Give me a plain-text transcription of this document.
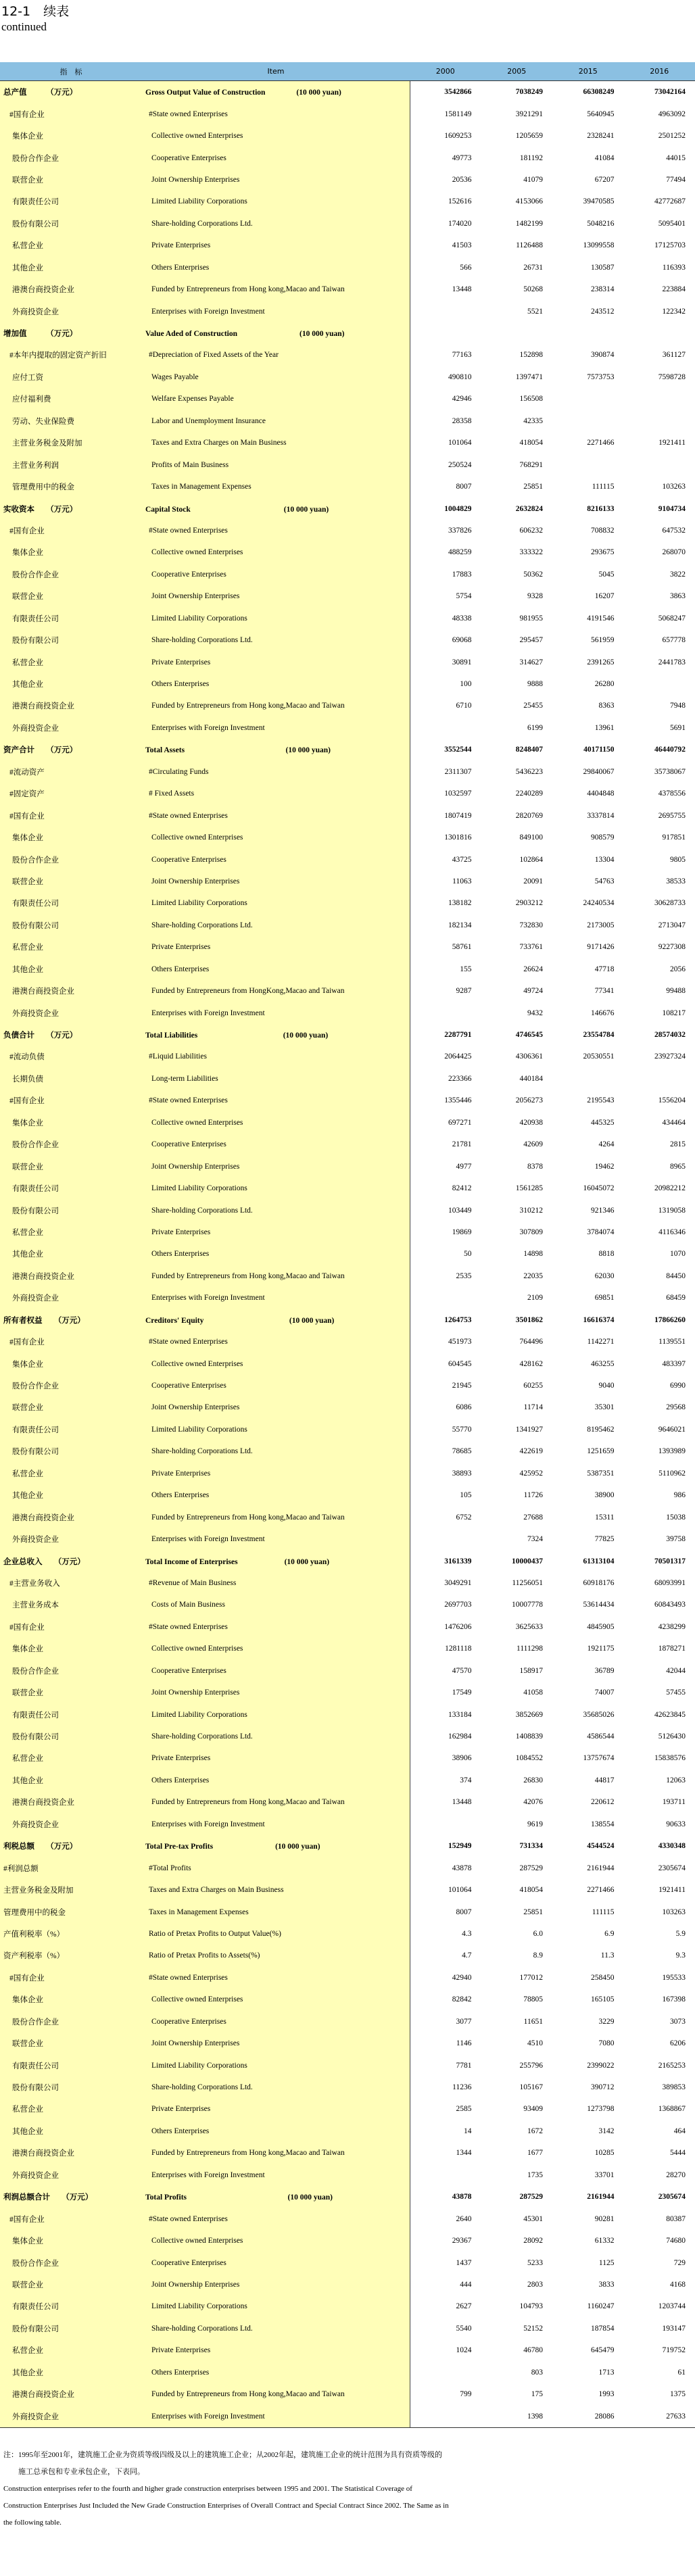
12-1　续表
continued
指　标	Item	2000	2005	2015	2016
总产值　　　（万元）	Gross Output Value of Construction　　　　(10 000 yuan)	3542866	7038249	66308249	73042164
#国有企业	#State owned Enterprises	1581149	3921291	5640945	4963092
集体企业	Collective owned Enterprises	1609253	1205659	2328241	2501252
股份合作企业	Cooperative Enterprises	49773	181192	41084	44015
联营企业	Joint Ownership Enterprises	20536	41079	67207	77494
有限责任公司	Limited Liability Corporations	152616	4153066	39470585	42772687
股份有限公司	Share-holding Corporations Ltd.	174020	1482199	5048216	5095401
私营企业	Private Enterprises	41503	1126488	13099558	17125703
其他企业	Others Enterprises	566	26731	130587	116393
港澳台商投资企业	Funded by Entrepreneurs from Hong kong,Macao and Taiwan	13448	50268	238314	223884
外商投资企业	Enterprises with Foreign Investment		5521	243512	122342
增加值　　　（万元）	Value Aded of Construction　　　　　　　　(10 000 yuan)				
#本年内提取的固定资产折旧	#Depreciation of Fixed Assets of the Year	77163	152898	390874	361127
应付工资	Wages Payable	490810	1397471	7573753	7598728
应付福利费	Welfare Expenses Payable	42946	156508		
劳动、失业保险费	Labor and Unemployment Insurance	28358	42335		
主营业务税金及附加	Taxes and Extra Charges on Main Business	101064	418054	2271466	1921411
主营业务利润	Profits of Main Business	250524	768291		
管理费用中的税金	Taxes in Management Expenses	8007	25851	111115	103263
实收资本　　（万元）	Capital Stock　　　　　　　　　　　　(10 000 yuan)	1004829	2632824	8216133	9104734
#国有企业	#State owned Enterprises	337826	606232	708832	647532
集体企业	Collective owned Enterprises	488259	333322	293675	268070
股份合作企业	Cooperative Enterprises	17883	50362	5045	3822
联营企业	Joint Ownership Enterprises	5754	9328	16207	3863
有限责任公司	Limited Liability Corporations	48338	981955	4191546	5068247
股份有限公司	Share-holding Corporations Ltd.	69068	295457	561959	657778
私营企业	Private Enterprises	30891	314627	2391265	2441783
其他企业	Others Enterprises	100	9888	26280	
港澳台商投资企业	Funded by Entrepreneurs from Hong kong,Macao and Taiwan	6710	25455	8363	7948
外商投资企业	Enterprises with Foreign Investment		6199	13961	5691
资产合计　　（万元）	Total Assets　　　　　　　　　　　　　(10 000 yuan)	3552544	8248407	40171150	46440792
#流动资产	#Circulating Funds	2311307	5436223	29840067	35738067
#固定资产	# Fixed Assets	1032597	2240289	4404848	4378556
#国有企业	#State owned Enterprises	1807419	2820769	3337814	2695755
集体企业	Collective owned Enterprises	1301816	849100	908579	917851
股份合作企业	Cooperative Enterprises	43725	102864	13304	9805
联营企业	Joint Ownership Enterprises	11063	20091	54763	38533
有限责任公司	Limited Liability Corporations	138182	2903212	24240534	30628733
股份有限公司	Share-holding Corporations Ltd.	182134	732830	2173005	2713047
私营企业	Private Enterprises	58761	733761	9171426	9227308
其他企业	Others Enterprises	155	26624	47718	2056
港澳台商投资企业	Funded by Entrepreneurs from HongKong,Macao and Taiwan	9287	49724	77341	99488
外商投资企业	Enterprises with Foreign Investment		9432	146676	108217
负债合计　　（万元）	Total Liabilities　　　　　　　　　　　(10 000 yuan)	2287791	4746545	23554784	28574032
#流动负债	#Liquid Liabilities	2064425	4306361	20530551	23927324
长期负债	Long-term Liabilities	223366	440184		
#国有企业	#State owned Enterprises	1355446	2056273	2195543	1556204
集体企业	Collective owned Enterprises	697271	420938	445325	434464
股份合作企业	Cooperative Enterprises	21781	42609	4264	2815
联营企业	Joint Ownership Enterprises	4977	8378	19462	8965
有限责任公司	Limited Liability Corporations	82412	1561285	16045072	20982212
股份有限公司	Share-holding Corporations Ltd.	103449	310212	921346	1319058
私营企业	Private Enterprises	19869	307809	3784074	4116346
其他企业	Others Enterprises	50	14898	8818	1070
港澳台商投资企业	Funded by Entrepreneurs from Hong kong,Macao and Taiwan	2535	22035	62030	84450
外商投资企业	Enterprises with Foreign Investment		2109	69851	68459
所有者权益　　（万元）	Creditors' Equity　　　　　　　　　　　(10 000 yuan)	1264753	3501862	16616374	17866260
#国有企业	#State owned Enterprises	451973	764496	1142271	1139551
集体企业	Collective owned Enterprises	604545	428162	463255	483397
股份合作企业	Cooperative Enterprises	21945	60255	9040	6990
联营企业	Joint Ownership Enterprises	6086	11714	35301	29568
有限责任公司	Limited Liability Corporations	55770	1341927	8195462	9646021
股份有限公司	Share-holding Corporations Ltd.	78685	422619	1251659	1393989
私营企业	Private Enterprises	38893	425952	5387351	5110962
其他企业	Others Enterprises	105	11726	38900	986
港澳台商投资企业	Funded by Entrepreneurs from Hong kong,Macao and Taiwan	6752	27688	15311	15038
外商投资企业	Enterprises with Foreign Investment		7324	77825	39758
企业总收入　　（万元）	Total Income of Enterprises　　　　　　(10 000 yuan)	3161339	10000437	61313104	70501317
#主营业务收入	#Revenue of Main Business	3049291	11256051	60918176	68093991
主营业务成本	Costs of Main Business	2697703	10007778	53614434	60843493
#国有企业	#State owned Enterprises	1476206	3625633	4845905	4238299
集体企业	Collective owned Enterprises	1281118	1111298	1921175	1878271
股份合作企业	Cooperative Enterprises	47570	158917	36789	42044
联营企业	Joint Ownership Enterprises	17549	41058	74007	57455
有限责任公司	Limited Liability Corporations	133184	3852669	35685026	42623845
股份有限公司	Share-holding Corporations Ltd.	162984	1408839	4586544	5126430
私营企业	Private Enterprises	38906	1084552	13757674	15838576
其他企业	Others Enterprises	374	26830	44817	12063
港澳台商投资企业	Funded by Entrepreneurs from Hong kong,Macao and Taiwan	13448	42076	220612	193711
外商投资企业	Enterprises with Foreign Investment		9619	138554	90633
利税总额　　（万元）	Total Pre-tax Profits　　　　　　　　(10 000 yuan)	152949	731334	4544524	4330348
#利润总额	#Total Profits	43878	287529	2161944	2305674
主营业务税金及附加	Taxes and Extra Charges on Main Business	101064	418054	2271466	1921411
管理费用中的税金	Taxes in Management Expenses	8007	25851	111115	103263
产值利税率（%）	Ratio of Pretax Profits to Output Value(%)	4.3	6.0	6.9	5.9
资产利税率（%）	Ratio of Pretax Profits to Assets(%)	4.7	8.9	11.3	9.3
#国有企业	#State owned Enterprises	42940	177012	258450	195533
集体企业	Collective owned Enterprises	82842	78805	165105	167398
股份合作企业	Cooperative Enterprises	3077	11651	3229	3073
联营企业	Joint Ownership Enterprises	1146	4510	7080	6206
有限责任公司	Limited Liability Corporations	7781	255796	2399022	2165253
股份有限公司	Share-holding Corporations Ltd.	11236	105167	390712	389853
私营企业	Private Enterprises	2585	93409	1273798	1368867
其他企业	Others Enterprises	14	1672	3142	464
港澳台商投资企业	Funded by Entrepreneurs from Hong kong,Macao and Taiwan	1344	1677	10285	5444
外商投资企业	Enterprises with Foreign Investment		1735	33701	28270
利润总额合计　　（万元）	Total Profits　　　　　　　　　　　　　(10 000 yuan)	43878	287529	2161944	2305674
#国有企业	#State owned Enterprises	2640	45301	90281	80387
集体企业	Collective owned Enterprises	29367	28092	61332	74680
股份合作企业	Cooperative Enterprises	1437	5233	1125	729
联营企业	Joint Ownership Enterprises	444	2803	3833	4168
有限责任公司	Limited Liability Corporations	2627	104793	1160247	1203744
股份有限公司	Share-holding Corporations Ltd.	5540	52152	187854	193147
私营企业	Private Enterprises	1024	46780	645479	719752
其他企业	Others Enterprises		803	1713	61
港澳台商投资企业	Funded by Entrepreneurs from Hong kong,Macao and Taiwan	799	175	1993	1375
外商投资企业	Enterprises with Foreign Investment		1398	28086	27633

注：1995年至2001年，建筑施工企业为资质等级四级及以上的建筑施工企业；从2002年起，建筑施工企业的统计范围为具有资质等级的

　　施工总承包和专业承包企业，下表同。

Construction enterprises refer to the fourth and higher grade construction enterprises between 1995 and 2001. The Statistical Coverage of

Construction Enterprises Just Included the New Grade Construction Enterprises of Overall Contract and Special Contract Since 2002. The Same as in

the following table.
